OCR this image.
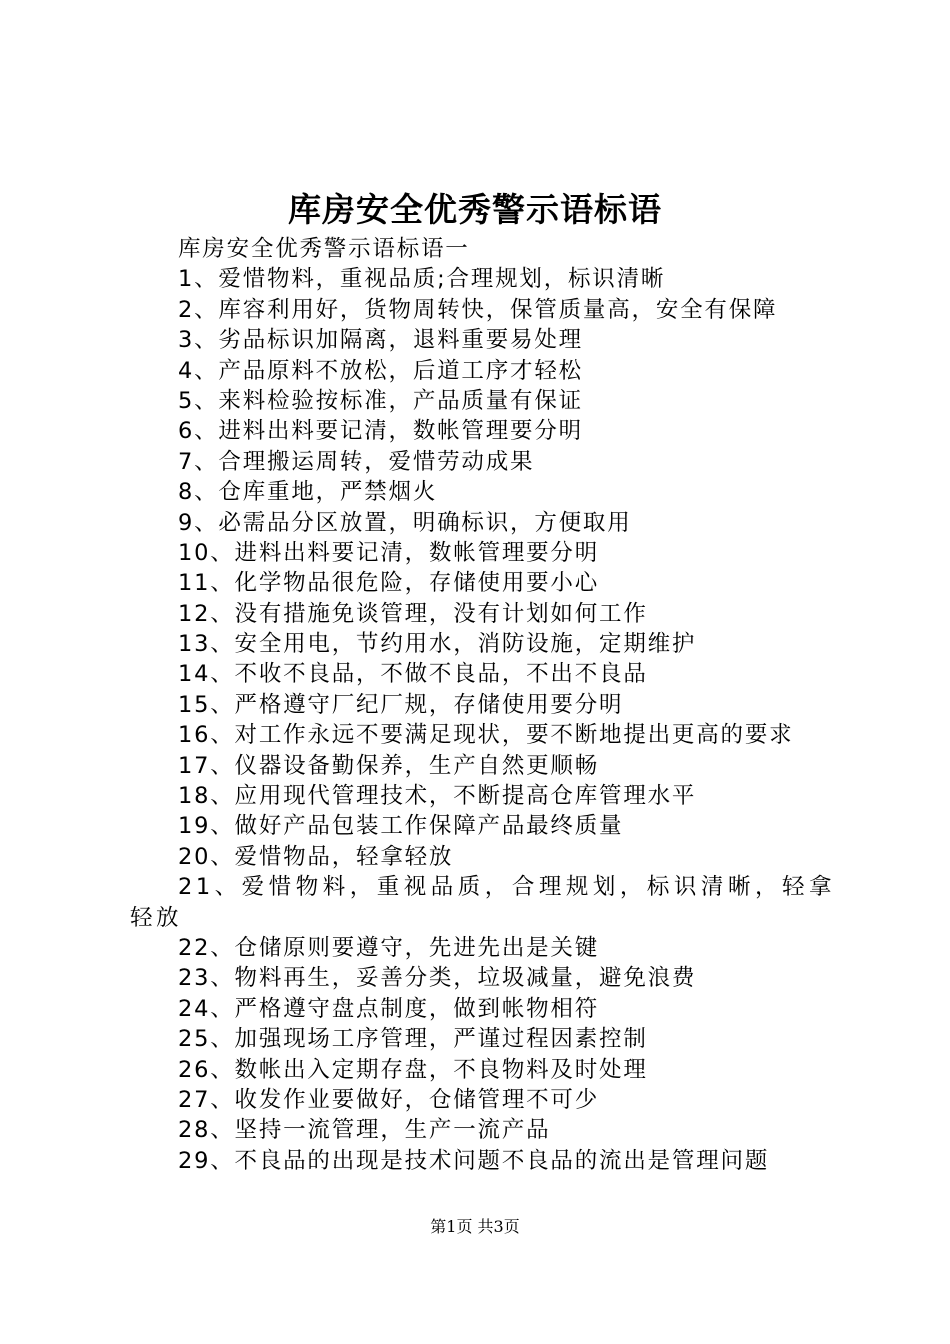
库房安全优秀警示语标语
库房安全优秀警示语标语一
1、爱惜物料，重视品质;合理规划，标识清晰
2、库容利用好，货物周转快，保管质量高，安全有保障
3、劣品标识加隔离，退料重要易处理
4、产品原料不放松，后道工序才轻松
5、来料检验按标准，产品质量有保证
6、进料出料要记清，数帐管理要分明
7、合理搬运周转，爱惜劳动成果
8、仓库重地，严禁烟火
9、必需品分区放置，明确标识，方便取用
10、进料出料要记清，数帐管理要分明
11、化学物品很危险，存储使用要小心
12、没有措施免谈管理，没有计划如何工作
13、安全用电，节约用水，消防设施，定期维护
14、不收不良品，不做不良品，不出不良品
15、严格遵守厂纪厂规，存储使用要分明
16、对工作永远不要满足现状，要不断地提出更高的要求
17、仪器设备勤保养，生产自然更顺畅
18、应用现代管理技术，不断提高仓库管理水平
19、做好产品包装工作保障产品最终质量
20、爱惜物品，轻拿轻放
21、爱惜物料，重视品质，合理规划，标识清晰，轻拿轻放
22、仓储原则要遵守，先进先出是关键
23、物料再生，妥善分类，垃圾减量，避免浪费
24、严格遵守盘点制度，做到帐物相符
25、加强现场工序管理，严谨过程因素控制
26、数帐出入定期存盘，不良物料及时处理
27、收发作业要做好，仓储管理不可少
28、坚持一流管理，生产一流产品
29、不良品的出现是技术问题不良品的流出是管理问题
第1页 共3页
